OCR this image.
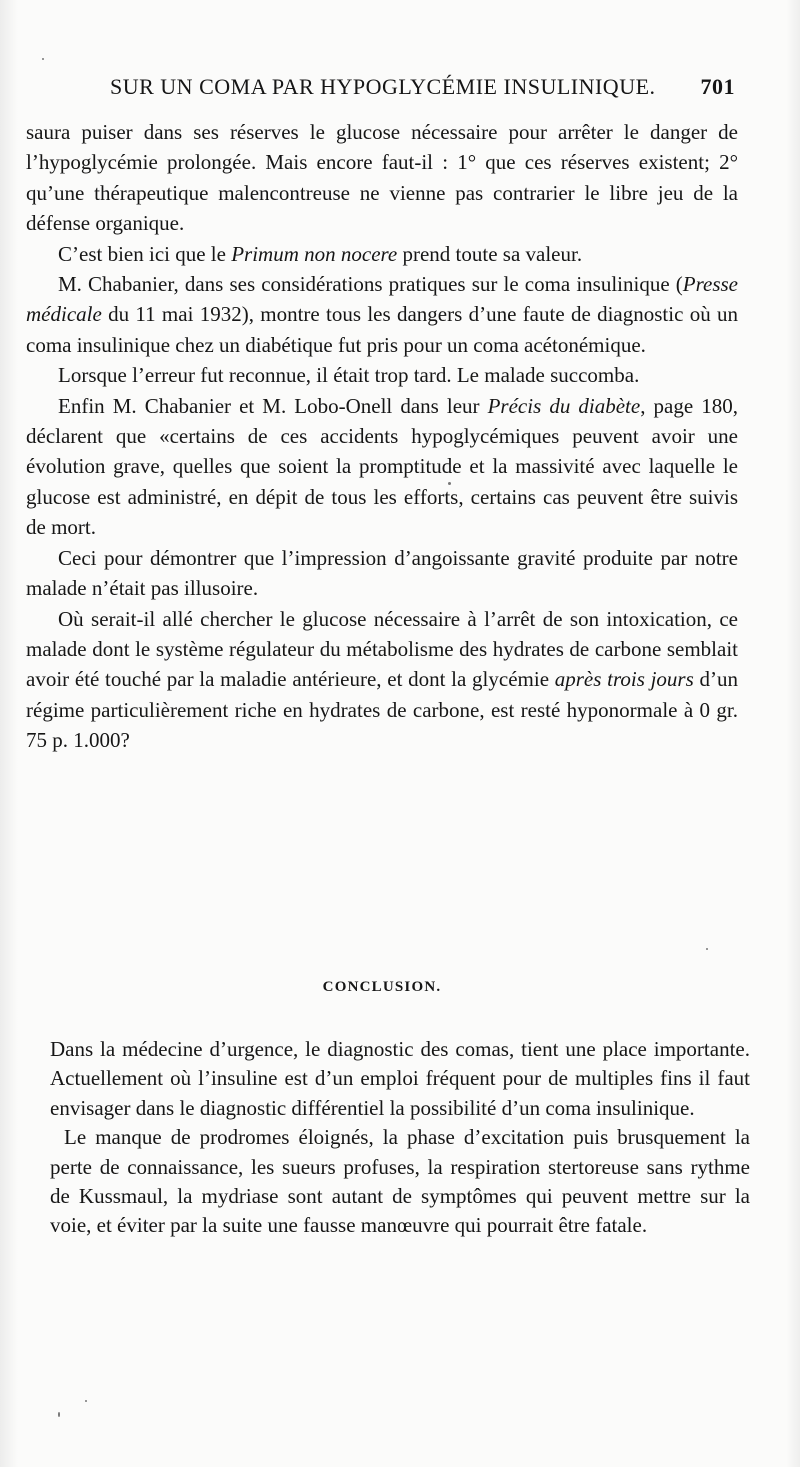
SUR UN COMA PAR HYPOGLYCÉMIE INSULINIQUE. 701

saura puiser dans ses réserves le glucose nécessaire pour arrêter le danger de l’hypoglycémie prolongée. Mais encore faut-il : 1° que ces réserves existent; 2° qu’une thérapeutique malencontreuse ne vienne pas contrarier le libre jeu de la défense organique.

C’est bien ici que le Primum non nocere prend toute sa valeur.

M. Chabanier, dans ses considérations pratiques sur le coma insulinique (Presse médicale du 11 mai 1932), montre tous les dangers d’une faute de diagnostic où un coma insulinique chez un diabétique fut pris pour un coma acétonémique.

Lorsque l’erreur fut reconnue, il était trop tard. Le malade succomba.

Enfin M. Chabanier et M. Lobo-Onell dans leur Précis du diabète, page 180, déclarent que «certains de ces accidents hypoglycémiques peuvent avoir une évolution grave, quelles que soient la promptitude et la massivité avec laquelle le glucose est administré, en dépit de tous les efforts, certains cas peuvent être suivis de mort.

Ceci pour démontrer que l’impression d’angoissante gravité produite par notre malade n’était pas illusoire.

Où serait-il allé chercher le glucose nécessaire à l’arrêt de son intoxication, ce malade dont le système régulateur du métabolisme des hydrates de carbone semblait avoir été touché par la maladie antérieure, et dont la glycémie après trois jours d’un régime particulièrement riche en hydrates de carbone, est resté hyponormale à 0 gr. 75 p. 1.000?

CONCLUSION.

Dans la médecine d’urgence, le diagnostic des comas, tient une place importante. Actuellement où l’insuline est d’un emploi fréquent pour de multiples fins il faut envisager dans le diagnostic différentiel la possibilité d’un coma insulinique.

Le manque de prodromes éloignés, la phase d’excitation puis brusquement la perte de connaissance, les sueurs profuses, la respiration stertoreuse sans rythme de Kussmaul, la mydriase sont autant de symptômes qui peuvent mettre sur la voie, et éviter par la suite une fausse manœuvre qui pourrait être fatale.
